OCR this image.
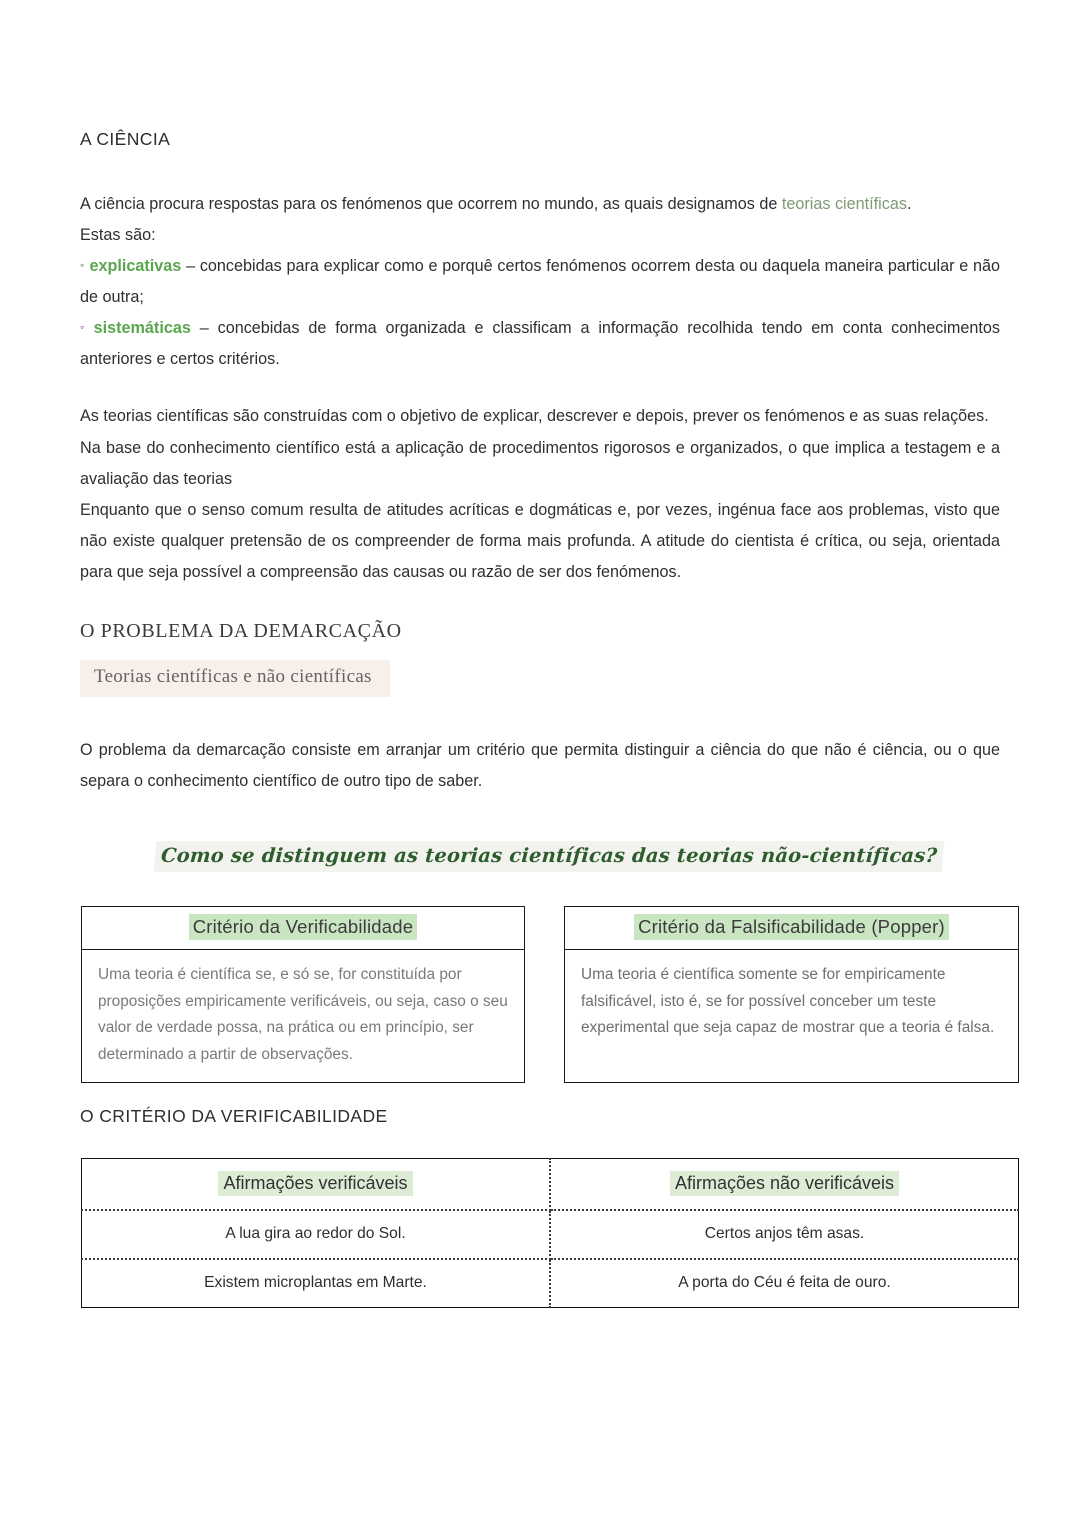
A CIÊNCIA

A ciência procura respostas para os fenómenos que ocorrem no mundo, as quais designamos de teorias científicas.

Estas são:

◦ explicativas – concebidas para explicar como e porquê certos fenómenos ocorrem desta ou daquela maneira particular e não de outra;

◦ sistemáticas – concebidas de forma organizada e classificam a informação recolhida tendo em conta conhecimentos anteriores e certos critérios.

As teorias científicas são construídas com o objetivo de explicar, descrever e depois, prever os fenómenos e as suas relações.

Na base do conhecimento científico está a aplicação de procedimentos rigorosos e organizados, o que implica a testagem e a avaliação das teorias

Enquanto que o senso comum resulta de atitudes acríticas e dogmáticas e, por vezes, ingénua face aos problemas, visto que não existe qualquer pretensão de os compreender de forma mais profunda. A atitude do cientista é crítica, ou seja, orientada para que seja possível a compreensão das causas ou razão de ser dos fenómenos.

O PROBLEMA DA DEMARCAÇÃO
Teorias científicas e não científicas

O problema da demarcação consiste em arranjar um critério que permita distinguir a ciência do que não é ciência, ou o que separa o conhecimento científico de outro tipo de saber.

Como se distinguem as teorias científicas das teorias não-científicas?
Critério da Verificabilidade
Uma teoria é científica se, e só se, for constituída por proposições empiricamente verificáveis, ou seja, caso o seu valor de verdade possa, na prática ou em princípio, ser determinado a partir de observações.
Critério da Falsificabilidade (Popper)
Uma teoria é científica somente se for empiricamente falsificável, isto é, se for possível conceber um teste experimental que seja capaz de mostrar que a teoria é falsa.
O CRITÉRIO DA VERIFICABILIDADE
Afirmações verificáveis	Afirmações não verificáveis
A lua gira ao redor do Sol.	Certos anjos têm asas.
Existem microplantas em Marte.	A porta do Céu é feita de ouro.
